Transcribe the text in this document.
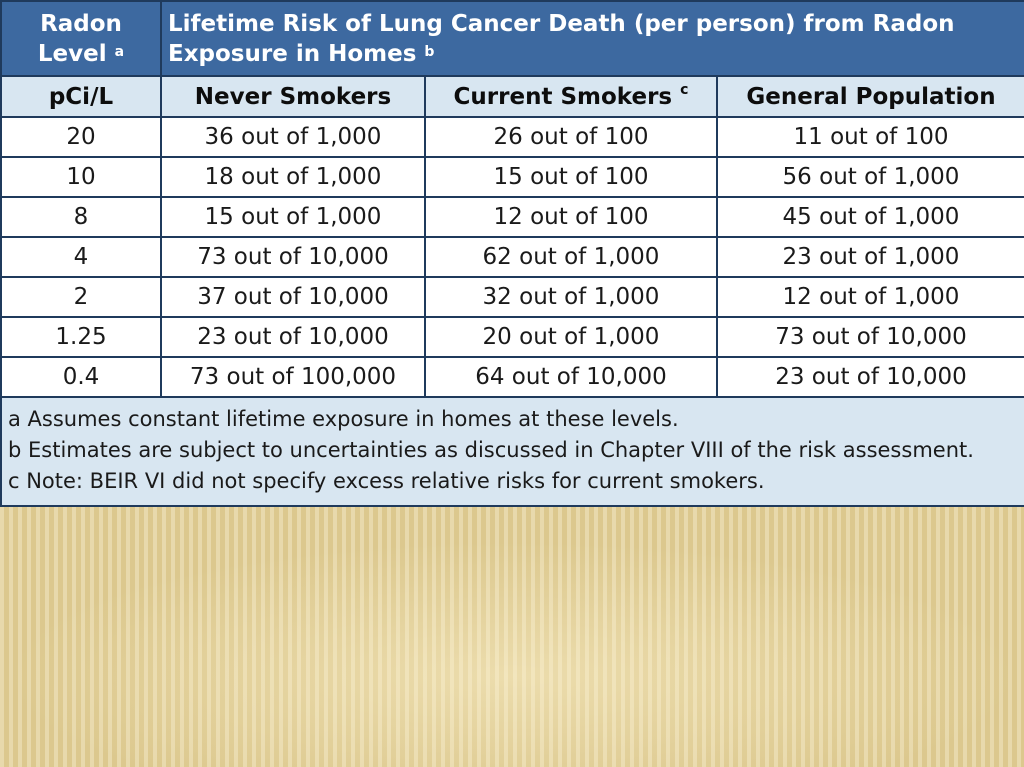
Radon
Level $^a$	Lifetime Risk of Lung Cancer Death (per person) from Radon
Exposure in Homes $^b$
pCi/L	Never Smokers	Current Smokers $^c$	General Population
20	36 out of 1,000	26 out of 100	11 out of 100
10	18 out of 1,000	15 out of 100	56 out of 1,000
8	15 out of 1,000	12 out of 100	45 out of 1,000
4	73 out of 10,000	62 out of 1,000	23 out of 1,000
2	37 out of 10,000	32 out of 1,000	12 out of 1,000
1.25	23 out of 10,000	20 out of 1,000	73 out of 10,000
0.4	73 out of 100,000	64 out of 10,000	23 out of 10,000

a Assumes constant lifetime exposure in homes at these levels.
b Estimates are subject to uncertainties as discussed in Chapter VIII of the risk assessment.
c Note: BEIR VI did not specify excess relative risks for current smokers.			
